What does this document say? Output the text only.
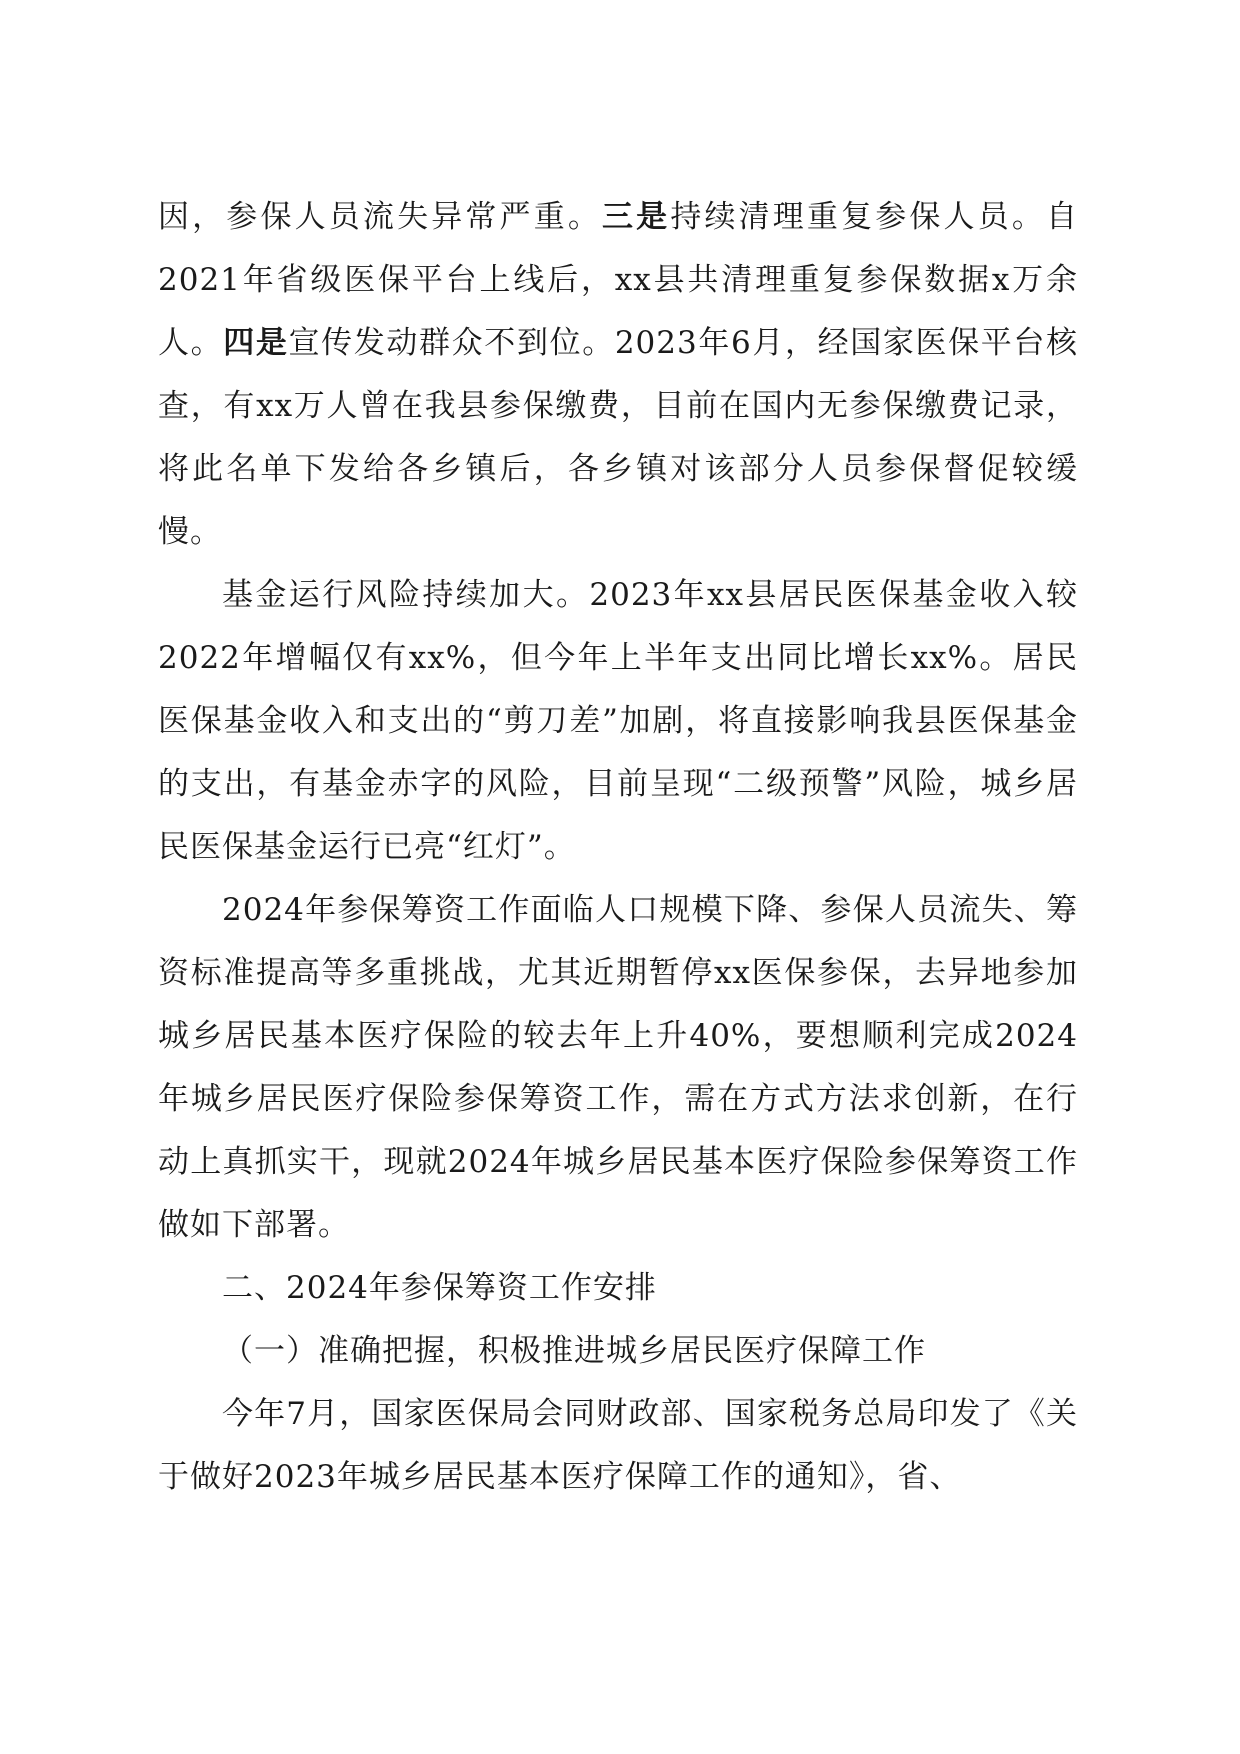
因，参保人员流失异常严重。三是持续清理重复参保人员。自2021年省级医保平台上线后，xx县共清理重复参保数据x万余人。四是宣传发动群众不到位。2023年6月，经国家医保平台核查，有xx万人曾在我县参保缴费，目前在国内无参保缴费记录，将此名单下发给各乡镇后，各乡镇对该部分人员参保督促较缓慢。

基金运行风险持续加大。2023年xx县居民医保基金收入较2022年增幅仅有xx%，但今年上半年支出同比增长xx%。居民医保基金收入和支出的“剪刀差”加剧，将直接影响我县医保基金的支出，有基金赤字的风险，目前呈现“二级预警”风险，城乡居民医保基金运行已亮“红灯”。

2024年参保筹资工作面临人口规模下降、参保人员流失、筹资标准提高等多重挑战，尤其近期暂停xx医保参保，去异地参加城乡居民基本医疗保险的较去年上升40%，要想顺利完成2024年城乡居民医疗保险参保筹资工作，需在方式方法求创新，在行动上真抓实干，现就2024年城乡居民基本医疗保险参保筹资工作做如下部署。

二、2024年参保筹资工作安排

（一）准确把握，积极推进城乡居民医疗保障工作

今年7月，国家医保局会同财政部、国家税务总局印发了《关于做好2023年城乡居民基本医疗保障工作的通知》，省、
